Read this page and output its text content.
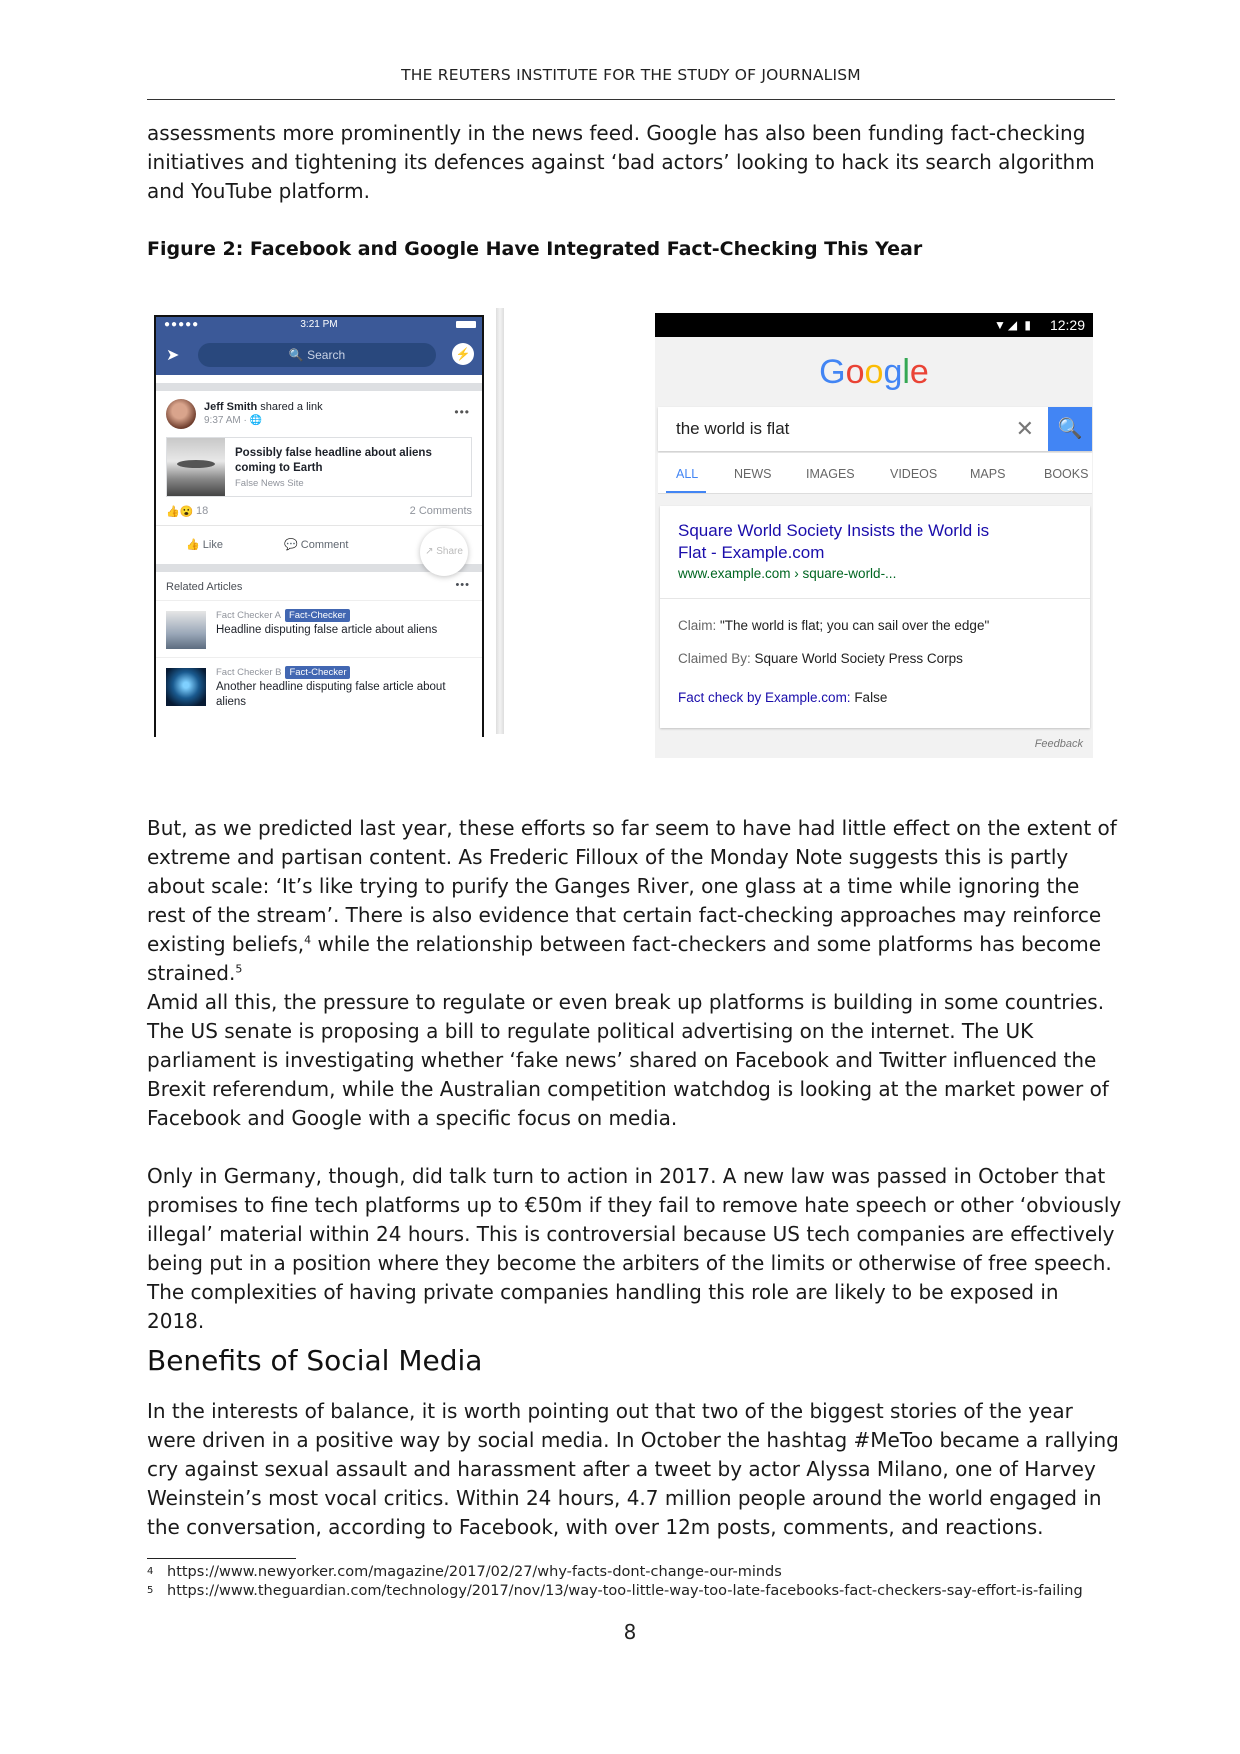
THE REUTERS INSTITUTE FOR THE STUDY OF JOURNALISM

assessments more prominently in the news feed. Google has also been funding fact-checking initiatives and tightening its defences against ‘bad actors’ looking to hack its search algorithm and YouTube platform.

Figure 2: Facebook and Google Have Integrated Fact-Checking This Year

●●●●●	3:21 PM
➤	🔍 Search	⚡
Jeff Smith shared a link
9:37 AM · 🌐
•••
Possibly false headline about aliens coming to Earth
False News Site
👍😮 18	2 Comments
👍 Like	💬 Comment
↗ Share
Related Articles	•••
Fact Checker A Fact-Checker
Headline disputing false article about aliens
Fact Checker B Fact-Checker
Another headline disputing false article about aliens
▼◢ ▮ 12:29
Google
the world is flat	✕	🔍
ALL	NEWS	IMAGES	VIDEOS	MAPS	BOOKS
Square World Society Insists the World is Flat - Example.com
www.example.com › square-world-...
Claim: "The world is flat; you can sail over the edge"
Claimed By: Square World Society Press Corps
Fact check by Example.com: False
Feedback

But, as we predicted last year, these efforts so far seem to have had little effect on the extent of extreme and partisan content. As Frederic Filloux of the Monday Note suggests this is partly about scale: ‘It’s like trying to purify the Ganges River, one glass at a time while ignoring the rest of the stream’. There is also evidence that certain fact-checking approaches may reinforce existing beliefs,$^4$ while the relationship between fact-checkers and some platforms has become strained.$^5$

Amid all this, the pressure to regulate or even break up platforms is building in some countries. The US senate is proposing a bill to regulate political advertising on the internet. The UK parliament is investigating whether ‘fake news’ shared on Facebook and Twitter influenced the Brexit referendum, while the Australian competition watchdog is looking at the market power of Facebook and Google with a specific focus on media.

Only in Germany, though, did talk turn to action in 2017. A new law was passed in October that promises to fine tech platforms up to €50m if they fail to remove hate speech or other ‘obviously illegal’ material within 24 hours. This is controversial because US tech companies are effectively being put in a position where they become the arbiters of the limits or otherwise of free speech. The complexities of having private companies handling this role are likely to be exposed in 2018.

Benefits of Social Media

In the interests of balance, it is worth pointing out that two of the biggest stories of the year were driven in a positive way by social media. In October the hashtag #MeToo became a rallying cry against sexual assault and harassment after a tweet by actor Alyssa Milano, one of Harvey Weinstein’s most vocal critics. Within 24 hours, 4.7 million people around the world engaged in the conversation, according to Facebook, with over 12m posts, comments, and reactions.

4 https://www.newyorker.com/magazine/2017/02/27/why-facts-dont-change-our-minds
5 https://www.theguardian.com/technology/2017/nov/13/way-too-little-way-too-late-facebooks-fact-checkers-say-effort-is-failing
8
